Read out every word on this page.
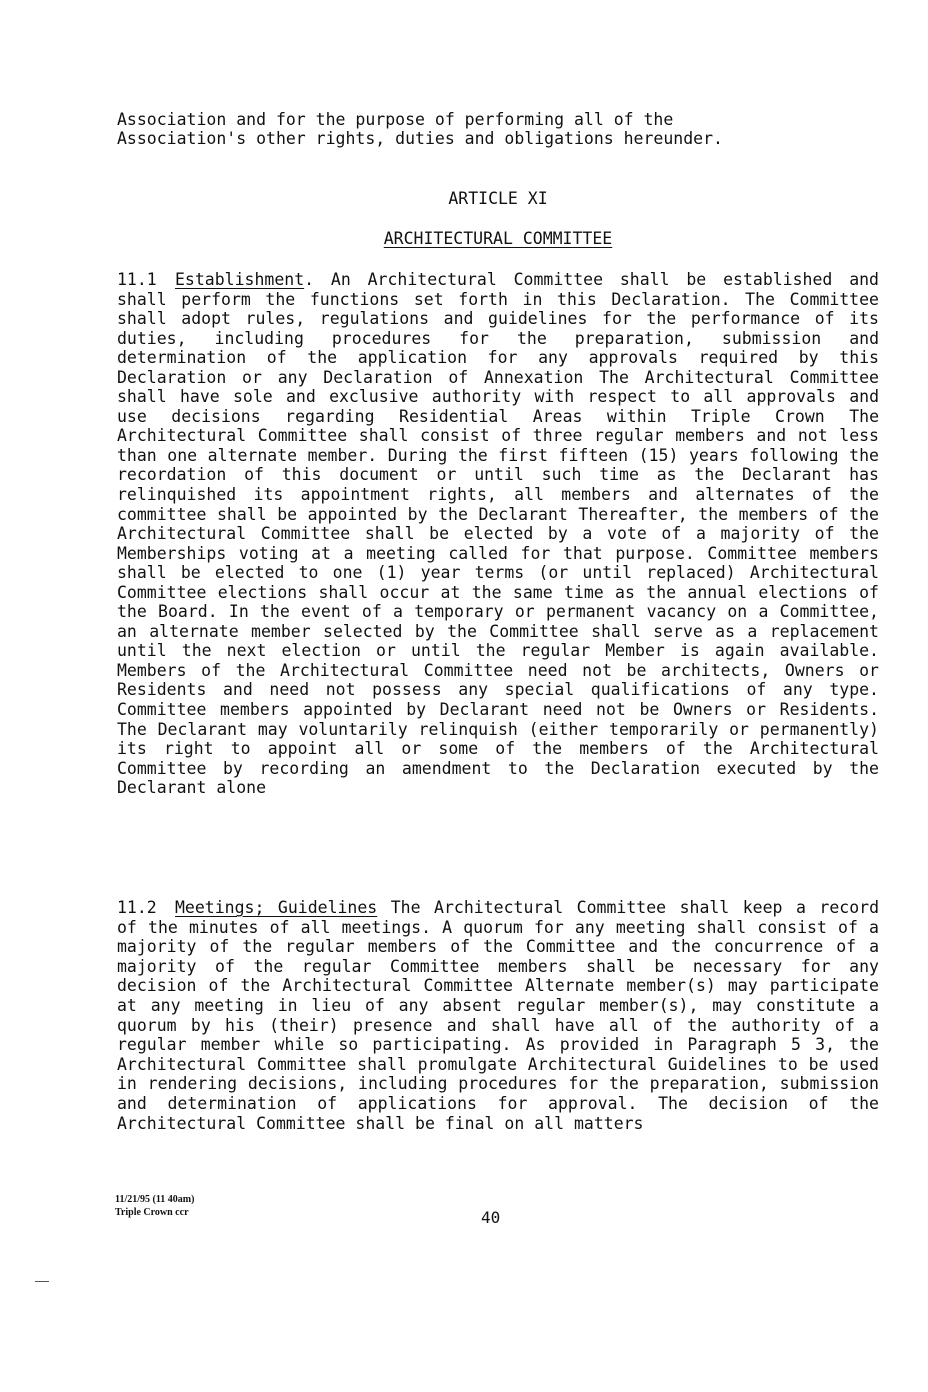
Association and for the purpose of performing all of the
Association's other rights, duties and obligations hereunder.
ARTICLE XI
ARCHITECTURAL COMMITTEE

11.1 Establishment. An Architectural Committee shall be established and shall perform the functions set forth in this Declaration. The Committee shall adopt rules, regulations and guidelines for the performance of its duties, including procedures for the preparation, submission and determination of the application for any approvals required by this Declaration or any Declaration of Annexation The Architectural Committee shall have sole and exclusive authority with respect to all approvals and use decisions regarding Residential Areas within Triple Crown The Architectural Committee shall consist of three regular members and not less than one alternate member. During the first fifteen (15) years following the recordation of this document or until such time as the Declarant has relinquished its appointment rights, all members and alternates of the committee shall be appointed by the Declarant Thereafter, the members of the Architectural Committee shall be elected by a vote of a majority of the Memberships voting at a meeting called for that purpose. Committee members shall be elected to one (1) year terms (or until replaced) Architectural Committee elections shall occur at the same time as the annual elections of the Board. In the event of a temporary or permanent vacancy on a Committee, an alternate member selected by the Committee shall serve as a replacement until the next election or until the regular Member is again available. Members of the Architectural Committee need not be architects, Owners or Residents and need not possess any special qualifications of any type. Committee members appointed by Declarant need not be Owners or Residents. The Declarant may voluntarily relinquish (either temporarily or permanently) its right to appoint all or some of the members of the Architectural Committee by recording an amendment to the Declaration executed by the Declarant alone

11.2 Meetings; Guidelines The Architectural Committee shall keep a record of the minutes of all meetings. A quorum for any meeting shall consist of a majority of the regular members of the Committee and the concurrence of a majority of the regular Committee members shall be necessary for any decision of the Architectural Committee Alternate member(s) may participate at any meeting in lieu of any absent regular member(s), may constitute a quorum by his (their) presence and shall have all of the authority of a regular member while so participating. As provided in Paragraph 5 3, the Architectural Committee shall promulgate Architectural Guidelines to be used in rendering decisions, including procedures for the preparation, submission and determination of applications for approval. The decision of the Architectural Committee shall be final on all matters

11/21/95 (11 40am)
Triple Crown ccr	40
